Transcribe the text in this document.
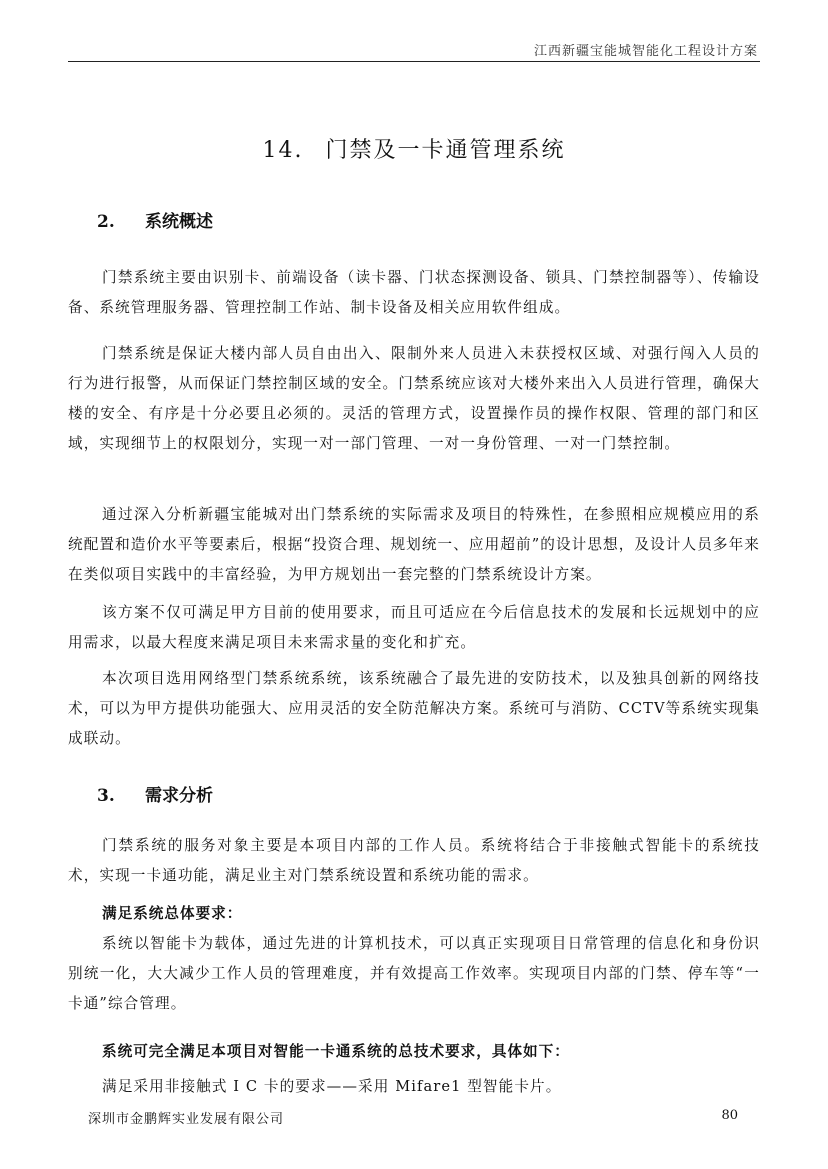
江西新疆宝能城智能化工程设计方案
14. 门禁及一卡通管理系统
2. 系统概述
门禁系统主要由识别卡、前端设备（读卡器、门状态探测设备、锁具、门禁控制器等）、传输设备、系统管理服务器、管理控制工作站、制卡设备及相关应用软件组成。
门禁系统是保证大楼内部人员自由出入、限制外来人员进入未获授权区域、对强行闯入人员的行为进行报警，从而保证门禁控制区域的安全。门禁系统应该对大楼外来出入人员进行管理，确保大楼的安全、有序是十分必要且必须的。灵活的管理方式，设置操作员的操作权限、管理的部门和区域，实现细节上的权限划分，实现一对一部门管理、一对一身份管理、一对一门禁控制。
通过深入分析新疆宝能城对出门禁系统的实际需求及项目的特殊性，在参照相应规模应用的系统配置和造价水平等要素后，根据“投资合理、规划统一、应用超前”的设计思想，及设计人员多年来在类似项目实践中的丰富经验，为甲方规划出一套完整的门禁系统设计方案。
该方案不仅可满足甲方目前的使用要求，而且可适应在今后信息技术的发展和长远规划中的应用需求，以最大程度来满足项目未来需求量的变化和扩充。
本次项目选用网络型门禁系统系统，该系统融合了最先进的安防技术，以及独具创新的网络技术，可以为甲方提供功能强大、应用灵活的安全防范解决方案。系统可与消防、CCTV等系统实现集成联动。
3. 需求分析
门禁系统的服务对象主要是本项目内部的工作人员。系统将结合于非接触式智能卡的系统技术，实现一卡通功能，满足业主对门禁系统设置和系统功能的需求。
满足系统总体要求：
系统以智能卡为载体，通过先进的计算机技术，可以真正实现项目日常管理的信息化和身份识别统一化，大大减少工作人员的管理难度，并有效提高工作效率。实现项目内部的门禁、停车等“一卡通”综合管理。
系统可完全满足本项目对智能一卡通系统的总技术要求，具体如下：
满足采用非接触式 I C 卡的要求——采用 Mifare1 型智能卡片。
深圳市金鹏辉实业发展有限公司	80
